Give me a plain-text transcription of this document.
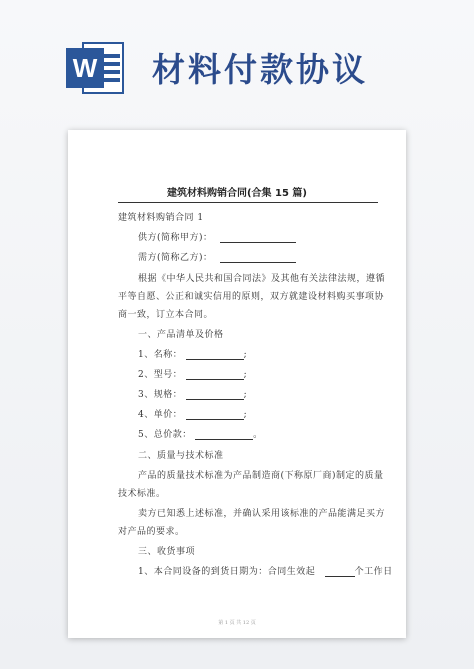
W 材料付款协议
建筑材料购销合同(合集 15 篇)
建筑材料购销合同 1
供方(简称甲方)：
需方(简称乙方)：
根据《中华人民共和国合同法》及其他有关法律法规，遵循
平等自愿、公正和诚实信用的原则，双方就建设材料购买事项协
商一致，订立本合同。
一、产品清单及价格
1、名称：	;
2、型号：	;
3、规格：	;
4、单价：	;
5、总价款：	。
二、质量与技术标准
产品的质量技术标准为产品制造商(下称原厂商)制定的质量
技术标准。
卖方已知悉上述标准，并确认采用该标准的产品能满足买方
对产品的要求。
三、收货事项
1、本合同设备的到货日期为：合同生效起	个工作日
第 1 页 共 12 页
